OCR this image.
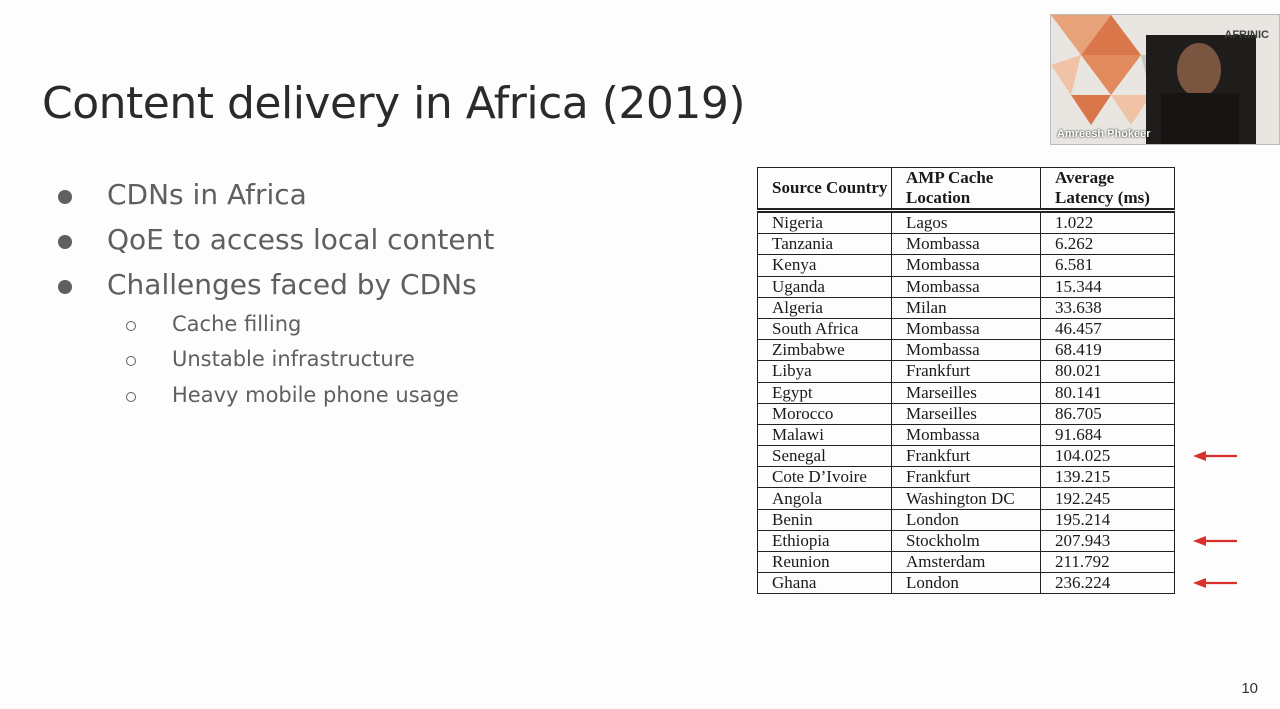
Content delivery in Africa (2019)
CDNs in Africa
QoE to access local content
Challenges faced by CDNs
Cache filling
Unstable infrastructure
Heavy mobile phone usage
Source Country	AMP Cache Location	Average Latency (ms)
Nigeria	Lagos	1.022
Tanzania	Mombassa	6.262
Kenya	Mombassa	6.581
Uganda	Mombassa	15.344
Algeria	Milan	33.638
South Africa	Mombassa	46.457
Zimbabwe	Mombassa	68.419
Libya	Frankfurt	80.021
Egypt	Marseilles	80.141
Morocco	Marseilles	86.705
Malawi	Mombassa	91.684
Senegal	Frankfurt	104.025
Cote D’Ivoire	Frankfurt	139.215
Angola	Washington DC	192.245
Benin	London	195.214
Ethiopia	Stockholm	207.943
Reunion	Amsterdam	211.792
Ghana	London	236.224
AFRINIC
Amreesh Phokeer
10
